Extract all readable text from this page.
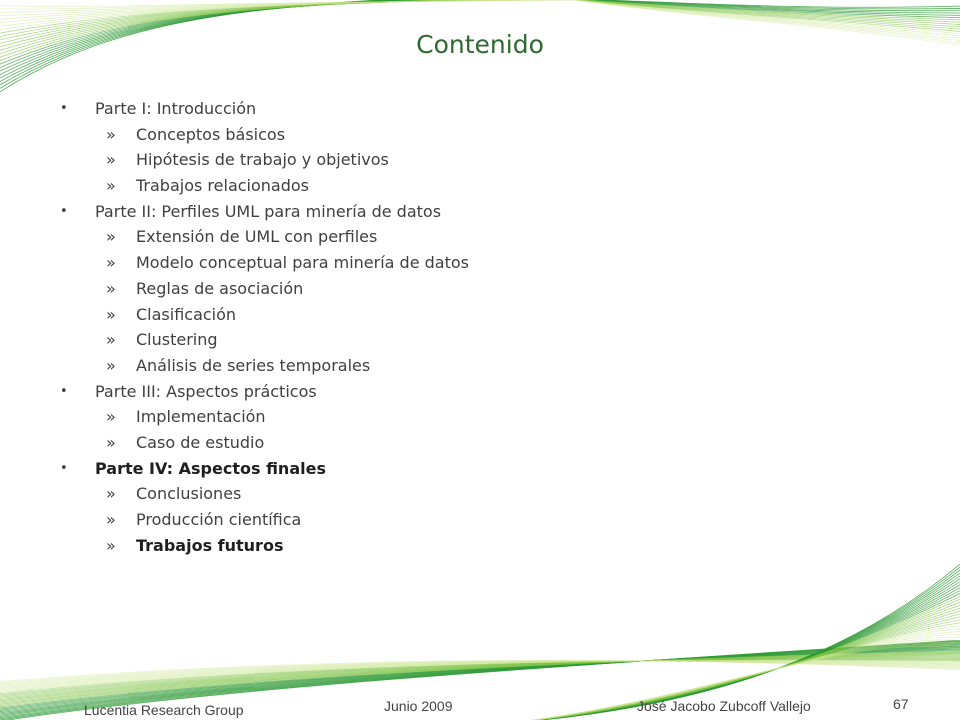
Contenido
• Parte I: Introducción
» Conceptos básicos
» Hipótesis de trabajo y objetivos
» Trabajos relacionados
• Parte II: Perfiles UML para minería de datos
» Extensión de UML con perfiles
» Modelo conceptual para minería de datos
» Reglas de asociación
» Clasificación
» Clustering
» Análisis de series temporales
• Parte III: Aspectos prácticos
» Implementación
» Caso de estudio
• Parte IV: Aspectos finales
» Conclusiones
» Producción científica
» Trabajos futuros
Lucentia Research Group	Junio 2009	José Jacobo Zubcoff Vallejo	67
